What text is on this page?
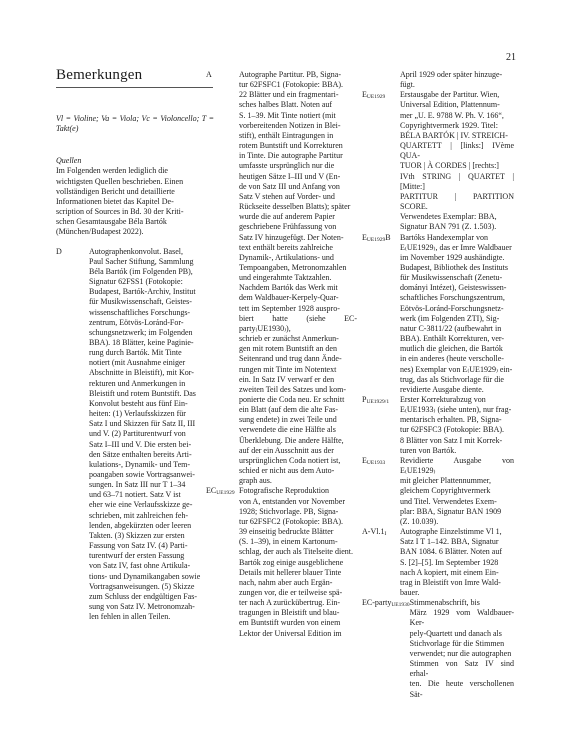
21
Bemerkungen
Vl = Violine; Va = Viola; Vc = Violoncello; T = Takt(e)
Quellen
Im Folgenden werden lediglich die
wichtigsten Quellen beschrieben. Einen
vollständigen Bericht und detaillierte
Informationen bietet das Kapitel De-
scription of Sources in Bd. 30 der Kriti-
schen Gesamtausgabe Béla Bartók
(München/Budapest 2022).
D	Autographenkonvolut. Basel,
Paul Sacher Stiftung, Sammlung
Béla Bartók (im Folgenden PB),
Signatur 62FSS1 (Fotokopie:
Budapest, Bartók-Archiv, Institut
für Musikwissenschaft, Geistes-
wissenschaftliches Forschungs-
zentrum, Eötvös-Loránd-For-
schungsnetzwerk; im Folgenden
BBA). 18 Blätter, keine Paginie-
rung durch Bartók. Mit Tinte
notiert (mit Ausnahme einiger
Abschnitte in Bleistift), mit Kor-
rekturen und Anmerkungen in
Bleistift und rotem Buntstift. Das
Konvolut besteht aus fünf Ein-
heiten: (1) Verlaufsskizzen für
Satz I und Skizzen für Satz II, III
und V. (2) Partiturentwurf von
Satz I–III und V. Die ersten bei-
den Sätze enthalten bereits Arti-
kulations-, Dynamik- und Tem-
poangaben sowie Vortragsanwei-
sungen. In Satz III nur T 1–34
und 63–71 notiert. Satz V ist
eher wie eine Verlaufsskizze ge-
schrieben, mit zahlreichen feh-
lenden, abgekürzten oder leeren
Takten. (3) Skizzen zur ersten
Fassung von Satz IV. (4) Parti-
turentwurf der ersten Fassung
von Satz IV, fast ohne Artikula-
tions- und Dynamikangaben sowie
Vortragsanweisungen. (5) Skizze
zum Schluss der endgültigen Fas-
sung von Satz IV. Metronomzah-
len fehlen in allen Teilen.
A	Autographe Partitur. PB, Signa-
tur 62FSFC1 (Fotokopie: BBA).
22 Blätter und ein fragmentari-
sches halbes Blatt. Noten auf
S. 1–39. Mit Tinte notiert (mit
vorbereitenden Notizen in Blei-
stift), enthält Eintragungen in
rotem Buntstift und Korrekturen
in Tinte. Die autographe Partitur
umfasste ursprünglich nur die
heutigen Sätze I–III und V (En-
de von Satz III und Anfang von
Satz V stehen auf Vorder- und
Rückseite desselben Blatts); später
wurde die auf anderem Papier
geschriebene Frühfassung von
Satz IV hinzugefügt. Der Noten-
text enthält bereits zahlreiche
Dynamik-, Artikulations- und
Tempoangaben, Metronomzahlen
und eingerahmte Taktzahlen.
Nachdem Bartók das Werk mit
dem Waldbauer-Kerpely-Quar-
tett im September 1928 auspro-
biert hatte (siehe EC-party₍UE1930₎),
schrieb er zunächst Anmerkun-
gen mit rotem Buntstift an den
Seitenrand und trug dann Ände-
rungen mit Tinte im Notentext
ein. In Satz IV verwarf er den
zweiten Teil des Satzes und kom-
ponierte die Coda neu. Er schnitt
ein Blatt (auf dem die alte Fas-
sung endete) in zwei Teile und
verwendete die eine Hälfte als
Überklebung. Die andere Hälfte,
auf der ein Ausschnitt aus der
ursprünglichen Coda notiert ist,
schied er nicht aus dem Auto-
graph aus.
$EC_{UE1929}$ Fotografische Reproduktion
von A, entstanden vor November
1928; Stichvorlage. PB, Signa-
tur 62FSFC2 (Fotokopie: BBA).
39 einseitig bedruckte Blätter
(S. 1–39), in einem Kartonum-
schlag, der auch als Titelseite dient.
Bartók zog einige ausgeblichene
Details mit hellerer blauer Tinte
nach, nahm aber auch Ergän-
zungen vor, die er teilweise spä-
ter nach A zurückübertrug. Ein-
tragungen in Bleistift und blau-
em Buntstift wurden von einem
Lektor der Universal Edition im
April 1929 oder später hinzuge-
fügt.
$E_{UE1929}$	Erstausgabe der Partitur. Wien,
Universal Edition, Plattennum-
mer „U. E. 9788 W. Ph. V. 166“,
Copyrightvermerk 1929. Titel:
BÉLA BARTÓK | IV. STREICH-
QUARTETT | [links:] IVème QUA-
TUOR | À CORDES | [rechts:]
IVth STRING | QUARTET | [Mitte:]
PARTITUR | PARTITION SCORE.
Verwendetes Exemplar: BBA,
Signatur BAN 791 (Z. 1.503).
$E_{UE1929}B$	Bartóks Handexemplar von
E₍UE1929₎, das er Imre Waldbauer
im November 1929 aushändigte.
Budapest, Bibliothek des Instituts
für Musikwissenschaft (Zenetu-
dományi Intézet), Geisteswissen-
schaftliches Forschungszentrum,
Eötvös-Loránd-Forschungsnetz-
werk (im Folgenden ZTI), Sig-
natur C-3811/22 (aufbewahrt in
BBA). Enthält Korrekturen, ver-
mutlich die gleichen, die Bartók
in ein anderes (heute verscholle-
nes) Exemplar von E₍UE1929₎ ein-
trug, das als Stichvorlage für die
revidierte Ausgabe diente.
$P_{UE1929/1}$	Erster Korrekturabzug von
E₍UE1933₎ (siehe unten), nur frag-
mentarisch erhalten. PB, Signa-
tur 62FSFC3 (Fotokopie: BBA).
8 Blätter von Satz I mit Korrek-
turen von Bartók.
$E_{UE1933}$	Revidierte Ausgabe von E₍UE1929₎
mit gleicher Plattennummer,
gleichem Copyrightvermerk
und Titel. Verwendetes Exem-
plar: BBA, Signatur BAN 1909
(Z. 10.039).
$A-Vl.1_I$	Autographe Einzelstimme Vl 1,
Satz I T 1–142. BBA, Signatur
BAN 1084. 6 Blätter. Noten auf
S. [2]–[5]. Im September 1928
nach A kopiert, mit einem Ein-
trag in Bleistift von Imre Wald-
bauer.
EC-party$_{UE1930}$ Stimmenabschrift, bis
März 1929 vom Waldbauer-Ker-
pely-Quartett und danach als
Stichvorlage für die Stimmen
verwendet; nur die autographen
Stimmen von Satz IV sind erhal-
ten. Die heute verschollenen Sät-
